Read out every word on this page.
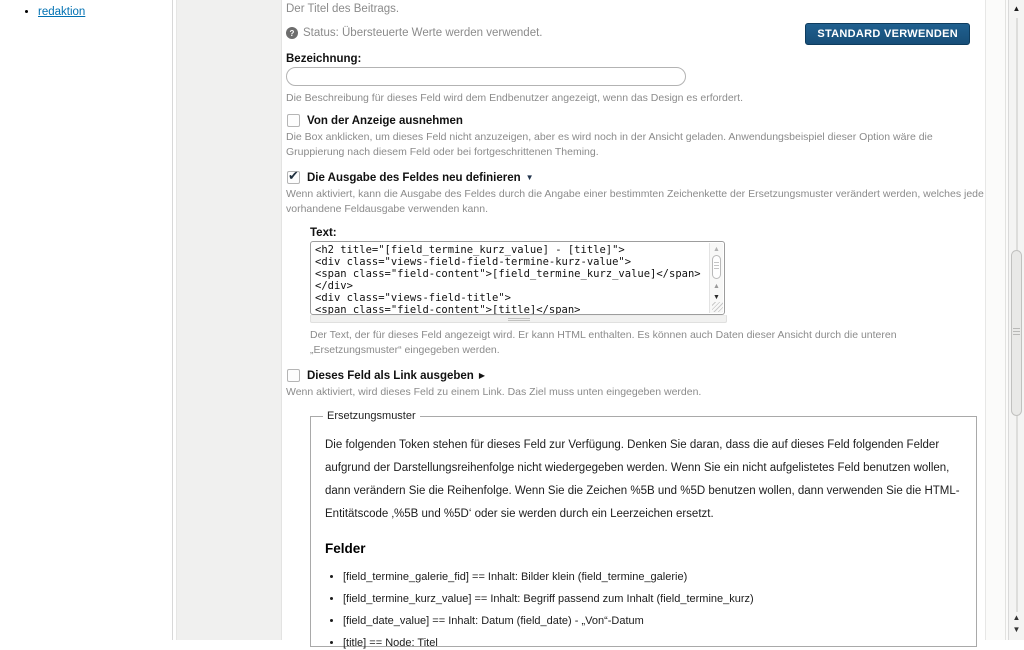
• redaktion	Der Titel des Beitrags.
? Status: Übersteuerte Werte werden verwendet.	STANDARD VERWENDEN
Bezeichnung:
Die Beschreibung für dieses Feld wird dem Endbenutzer angezeigt, wenn das Design es erfordert.
Von der Anzeige ausnehmen
Die Box anklicken, um dieses Feld nicht anzuzeigen, aber es wird noch in der Ansicht geladen. Anwendungsbeispiel dieser Option wäre die Gruppierung nach diesem Feld oder bei fortgeschrittenen Theming.
Die Ausgabe des Feldes neu definieren ▼
Wenn aktiviert, kann die Ausgabe des Feldes durch die Angabe einer bestimmten Zeichenkette der Ersetzungsmuster verändert werden, welches jede vorhandene Feldausgabe verwenden kann.
Text:
<h2 title="[field_termine_kurz_value] - [title]"> <div class="views-field-field-termine-kurz-value"> <span class="field-content">[field_termine_kurz_value]</span> </div> <div class="views-field-title"> <span class="field-content">[title]</span>
▲
▲
▼
Der Text, der für dieses Feld angezeigt wird. Er kann HTML enthalten. Es können auch Daten dieser Ansicht durch die unteren „Ersetzungsmuster“ eingegeben werden.
Dieses Feld als Link ausgeben ▶
Wenn aktiviert, wird dieses Feld zu einem Link. Das Ziel muss unten eingegeben werden.
Ersetzungsmuster

Die folgenden Token stehen für dieses Feld zur Verfügung. Denken Sie daran, dass die auf dieses Feld folgenden Felder aufgrund der Darstellungsreihenfolge nicht wiedergegeben werden. Wenn Sie ein nicht aufgelistetes Feld benutzen wollen, dann verändern Sie die Reihenfolge. Wenn Sie die Zeichen %5B und %5D benutzen wollen, dann verwenden Sie die HTML-Entitätscode ‚%5B und %5D‘ oder sie werden durch ein Leerzeichen ersetzt.

Felder
• [field_termine_galerie_fid] == Inhalt: Bilder klein (field_termine_galerie)
• [field_termine_kurz_value] == Inhalt: Begriff passend zum Inhalt (field_termine_kurz)
• [field_date_value] == Inhalt: Datum (field_date) - „Von“-Datum
• [title] == Node: Titel
▲
▲
▼
